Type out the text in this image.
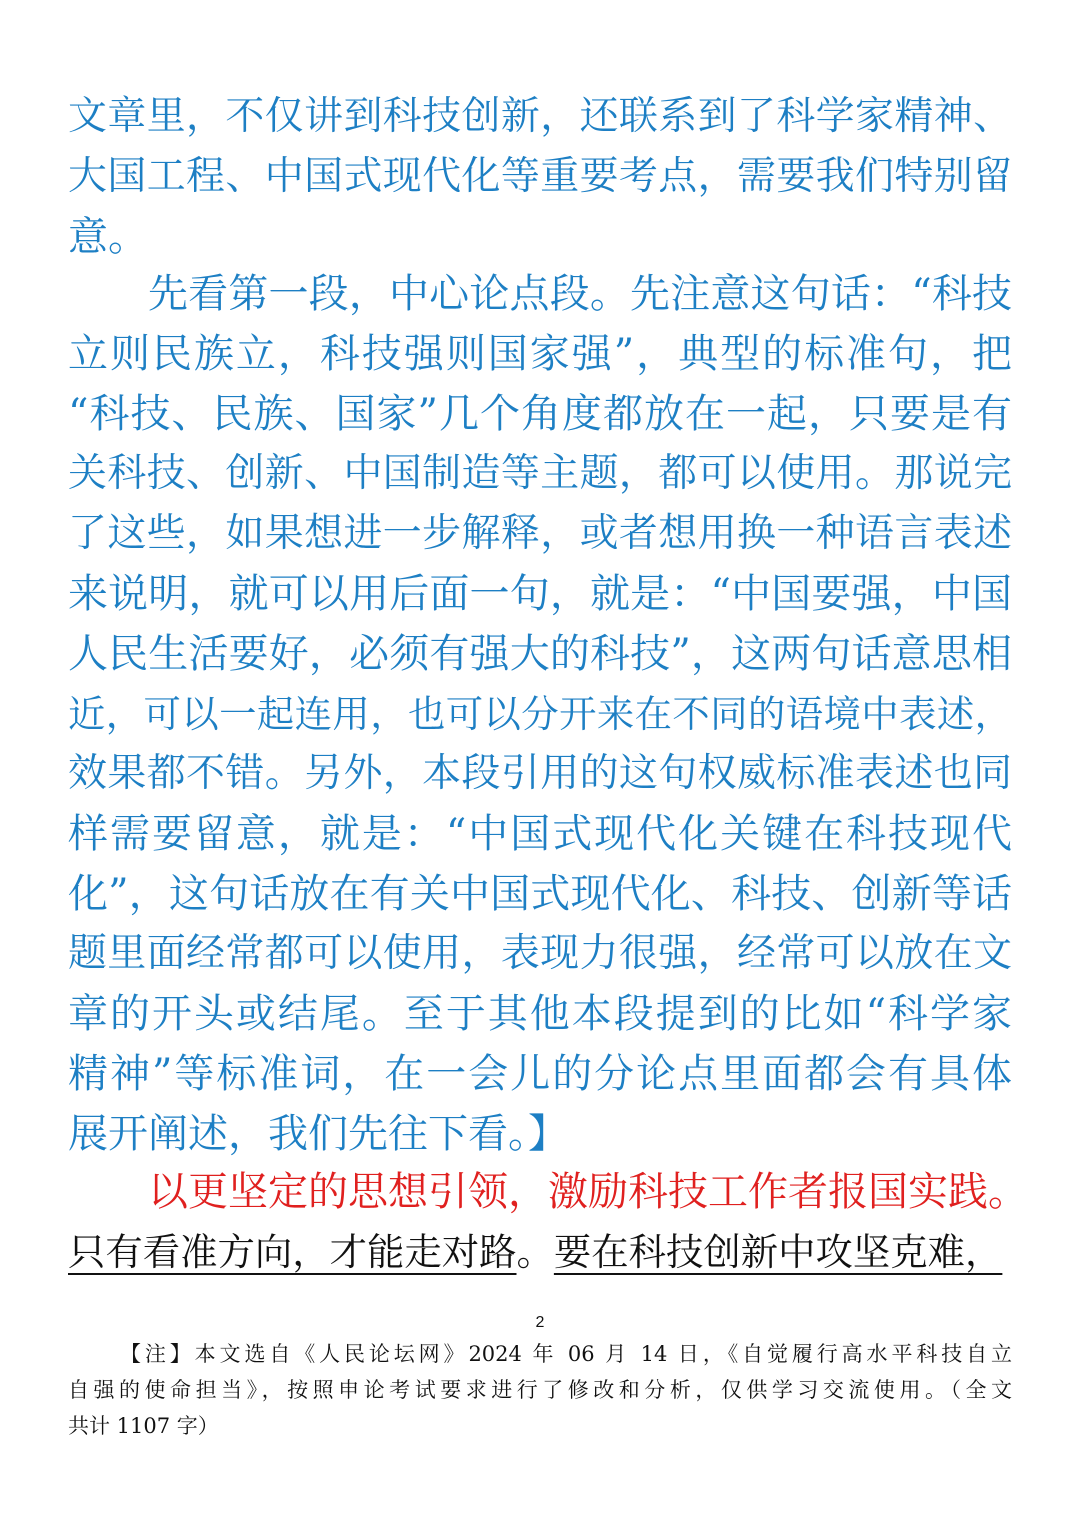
文章里，不仅讲到科技创新，还联系到了科学家精神、
大国工程、中国式现代化等重要考点，需要我们特别留
意。
先看第一段，中心论点段。先注意这句话：“科技
立则民族立，科技强则国家强”，典型的标准句，把
“科技、民族、国家”几个角度都放在一起，只要是有
关科技、创新、中国制造等主题，都可以使用。那说完
了这些，如果想进一步解释，或者想用换一种语言表述
来说明，就可以用后面一句，就是：“中国要强，中国
人民生活要好，必须有强大的科技”，这两句话意思相
近，可以一起连用，也可以分开来在不同的语境中表述，
效果都不错。另外，本段引用的这句权威标准表述也同
样需要留意，就是：“中国式现代化关键在科技现代
化”，这句话放在有关中国式现代化、科技、创新等话
题里面经常都可以使用，表现力很强，经常可以放在文
章的开头或结尾。至于其他本段提到的比如“科学家
精神”等标准词，在一会儿的分论点里面都会有具体
展开阐述，我们先往下看。】
以更坚定的思想引领，激励科技工作者报国实践。
只有看准方向，才能走对路。要在科技创新中攻坚克难，
2
【注】本文选自《人民论坛网》2024 年 06 月 14 日，《自觉履行高水平科技自立
自强的使命担当》，按照申论考试要求进行了修改和分析，仅供学习交流使用。（全文
共计 1107 字）
